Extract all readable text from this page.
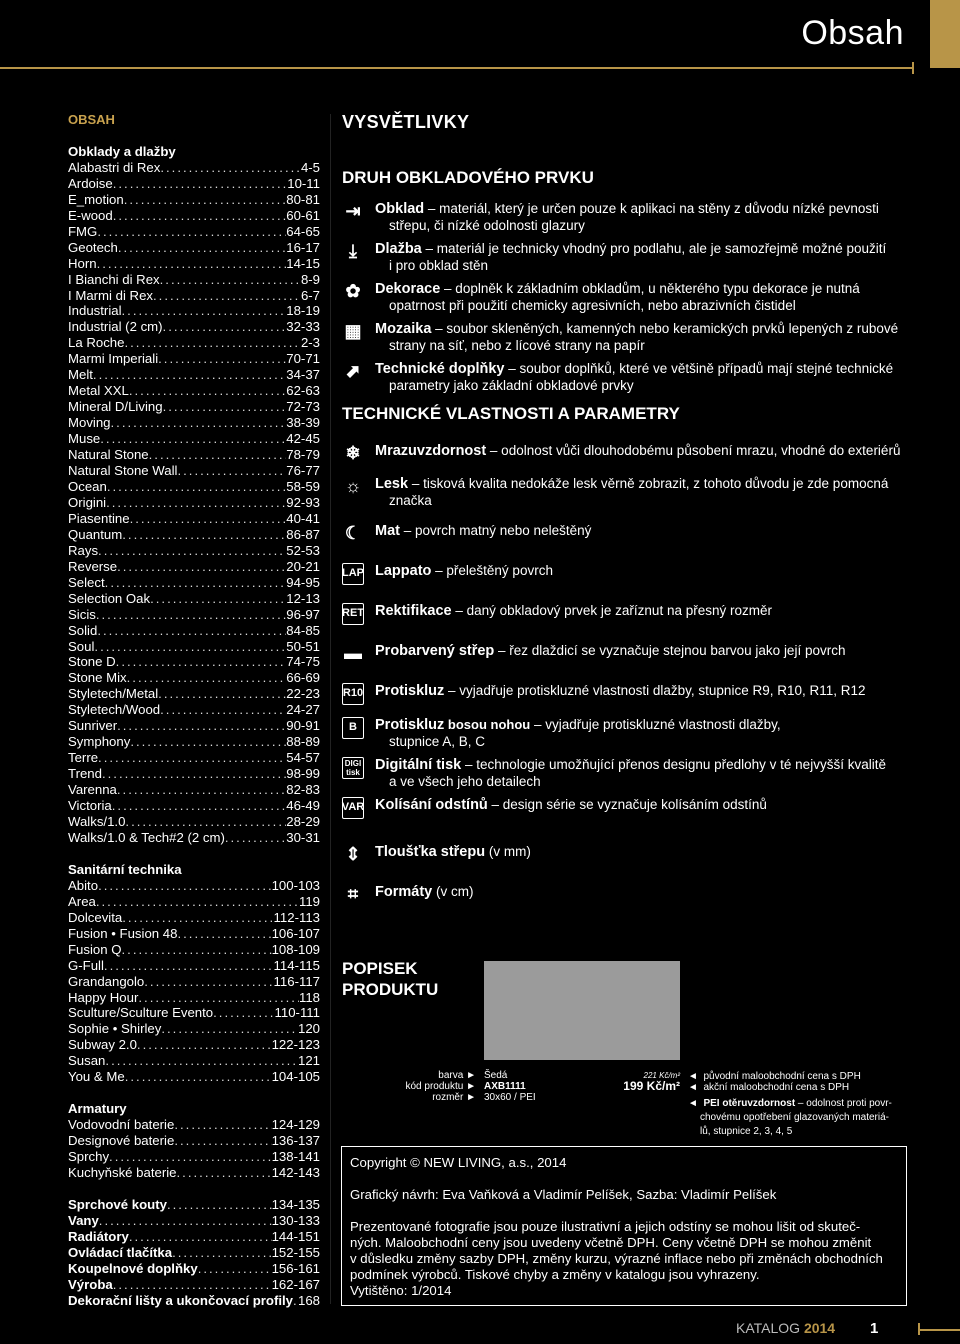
Obsah
OBSAH
Obklady a dlažby
Alabastri di Rex .....	4-5
Ardoise .....	10-11
E_motion .....	80-81
E-wood .....	60-61
FMG .....	64-65
Geotech .....	16-17
Horn .....	14-15
I Bianchi di Rex .....	8-9
I Marmi di Rex .....	6-7
Industrial .....	18-19
Industrial (2 cm) .....	32-33
La Roche .....	2-3
Marmi Imperiali .....	70-71
Melt .....	34-37
Metal XXL .....	62-63
Mineral D/Living .....	72-73
Moving .....	38-39
Muse .....	42-45
Natural Stone .....	78-79
Natural Stone Wall .....	76-77
Ocean .....	58-59
Origini .....	92-93
Piasentine .....	40-41
Quantum .....	86-87
Rays .....	52-53
Reverse .....	20-21
Select .....	94-95
Selection Oak .....	12-13
Sicis .....	96-97
Solid .....	84-85
Soul .....	50-51
Stone D .....	74-75
Stone Mix .....	66-69
Styletech/Metal .....	22-23
Styletech/Wood .....	24-27
Sunriver .....	90-91
Symphony .....	88-89
Terre .....	54-57
Trend .....	98-99
Varenna .....	82-83
Victoria .....	46-49
Walks/1.0 .....	28-29
Walks/1.0 & Tech#2 (2 cm) .....	30-31
Sanitární technika
Abito .....	100-103
Area .....	119
Dolcevita .....	112-113
Fusion • Fusion 48 .....	106-107
Fusion Q .....	108-109
G-Full .....	114-115
Grandangolo .....	116-117
Happy Hour .....	118
Sculture/Sculture Evento .....	110-111
Sophie • Shirley .....	120
Subway 2.0 .....	122-123
Susan .....	121
You & Me .....	104-105
Armatury
Vodovodní baterie .....	124-129
Designové baterie .....	136-137
Sprchy .....	138-141
Kuchyňské baterie .....	142-143
Sprchové kouty .....	134-135
Vany .....	130-133
Radiátory .....	144-151
Ovládací tlačítka .....	152-155
Koupelnové doplňky .....	156-161
Výroba .....	162-167
Dekorační lišty a ukončovací profily ..... 168
VYSVĚTLIVKY
DRUH OBKLADOVÉHO PRVKU
⇥ Obklad – materiál, který je určen pouze k aplikaci na stěny z důvodu nízké pevnosti
střepu, či nízké odolnosti glazury
⤓	Dlažba – materiál je technicky vhodný pro podlahu, ale je samozřejmě možné použití
i pro obklad stěn
✿ Dekorace – doplněk k základním obkladům, u některého typu dekorace je nutná
opatrnost při použití chemicky agresivních, nebo abrazivních čistidel
▦ Mozaika – soubor skleněných, kamenných nebo keramických prvků lepených z rubové
strany na síť, nebo z lícové strany na papír
⬈ Technické doplňky – soubor doplňků, které ve většině případů mají stejné technické
parametry jako základní obkladové prvky
❄ Mrazuvzdornost – odolnost vůči dlouhodobému působení mrazu, vhodné do exteriérů
☼ Lesk – tisková kvalita nedokáže lesk věrně zobrazit, z tohoto důvodu je zde pomocná
značka
☾ Mat – povrch matný nebo neleštěný
LAP Lappato – přeleštěný povrch
RET Rektifikace – daný obkladový prvek je zaříznut na přesný rozměr
▬ Probarvený střep – řez dlaždicí se vyznačuje stejnou barvou jako její povrch
R10 Protiskluz – vyjadřuje protiskluzné vlastnosti dlažby, stupnice R9, R10, R11, R12
B	Protiskluz bosou nohou – vyjadřuje protiskluzné vlastnosti dlažby,
stupnice A, B, C
DIGI tisk Digitální tisk – technologie umožňující přenos designu předlohy v té nejvyšší kvalitě
a ve všech jeho detailech
VAR Kolísání odstínů – design série se vyznačuje kolísáním odstínů
⇕ Tloušťka střepu (v mm)
⌗	Formáty (v cm)
TECHNICKÉ VLASTNOSTI A PARAMETRY
POPISEK
PRODUKTU
barva ►
kód produktu ►
rozměr ►
Šedá
AXB1111
30x60 / PEI
221 Kč/m²
199 Kč/m²
◄  původní maloobchodní cena s DPH
◄  akční maloobchodní cena s DPH
◄  PEI otěruvzdornost – odolnost proti povr-
chovému opotřebení glazovaných materiá-
lů, stupnice 2, 3, 4, 5

Copyright © NEW LIVING, a.s., 2014

Grafický návrh: Eva Vaňková a Vladimír Pelíšek, Sazba: Vladimír Pelíšek

Prezentované fotografie jsou pouze ilustrativní a jejich odstíny se mohou lišit od skuteč-

ných. Maloobchodní ceny jsou uvedeny včetně DPH. Ceny včetně DPH se mohou změnit

v důsledku změny sazby DPH, změny kurzu, výrazné inflace nebo při změnách obchodních

podmínek výrobců. Tiskové chyby a změny v katalogu jsou vyhrazeny.

Vytištěno: 1/2014

KATALOG 2014 1
